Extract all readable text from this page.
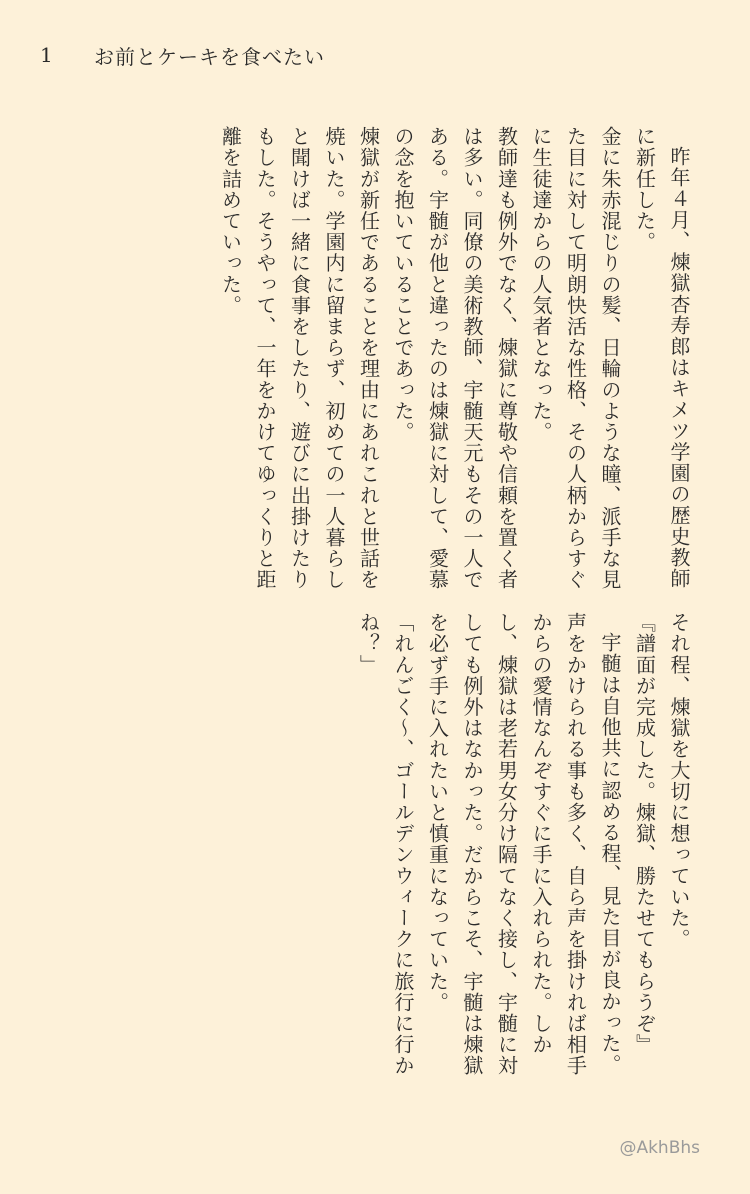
1	お前とケーキを食べたい
昨年４月、煉獄杏寿郎はキメツ学園の歴史教師に新任した。
金に朱赤混じりの髪、日輪のような瞳、派手な見た目に対して明朗快活な性格、その人柄からすぐに生徒達からの人気者となった。
教師達も例外でなく、煉獄に尊敬や信頼を置く者は多い。同僚の美術教師、宇髄天元もその一人である。宇髄が他と違ったのは煉獄に対して、愛慕の念を抱いていることであった。
煉獄が新任であることを理由にあれこれと世話を焼いた。学園内に留まらず、初めての一人暮らしと聞けば一緒に食事をしたり、遊びに出掛けたりもした。そうやって、一年をかけてゆっくりと距離を詰めていった。
それ程、煉獄を大切に想っていた。
『譜面が完成した。煉獄、勝たせてもらうぞ』
宇髄は自他共に認める程、見た目が良かった。声をかけられる事も多く、自ら声を掛ければ相手からの愛情なんぞすぐに手に入れられた。しかし、煉獄は老若男女分け隔てなく接し、宇髄に対しても例外はなかった。だからこそ、宇髄は煉獄を必ず手に入れたいと慎重になっていた。
「れんごく〜、ゴールデンウィークに旅行に行かね？」
@AkhBhs
